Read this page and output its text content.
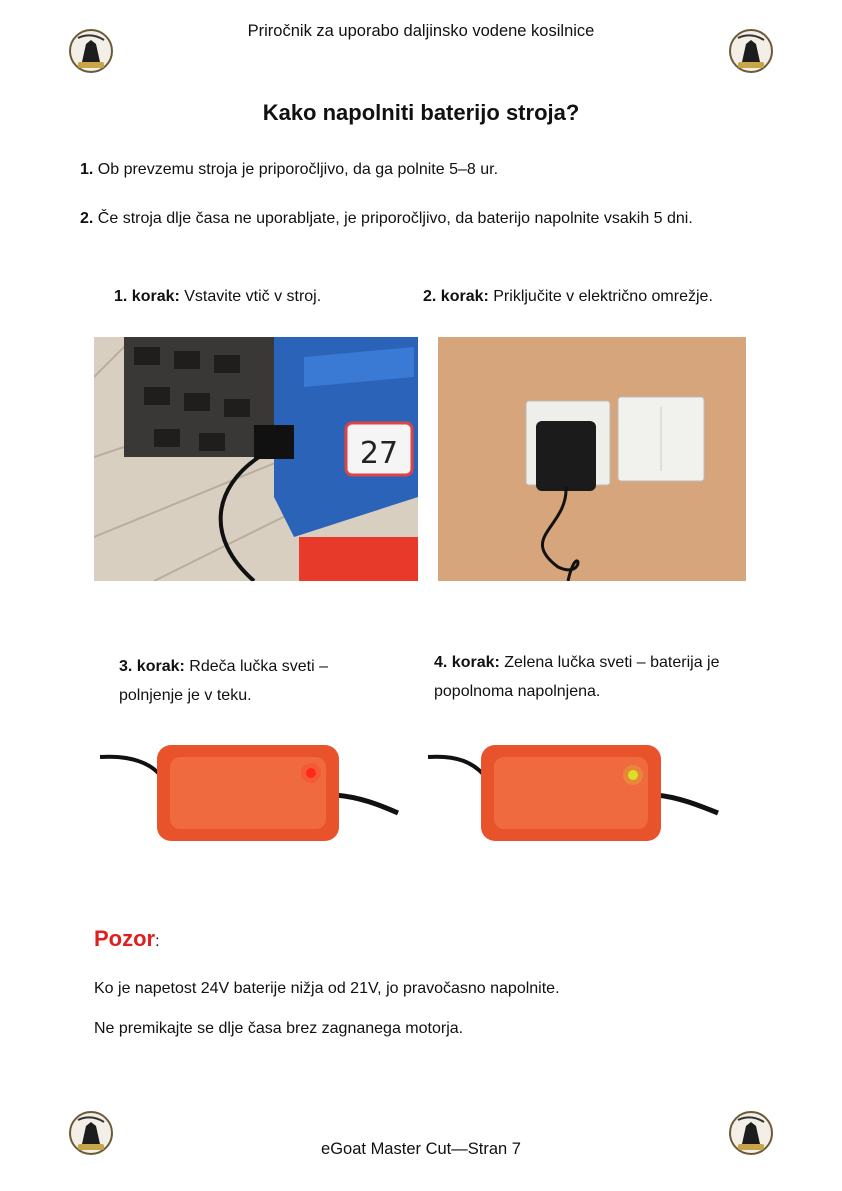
Priročnik za uporabo daljinsko vodene kosilnice
Kako napolniti baterijo stroja?
1. Ob prevzemu stroja je priporočljivo, da ga polnite 5–8 ur.
2. Če stroja dlje časa ne uporabljate, je priporočljivo, da baterijo napolnite vsakih 5 dni.
1. korak: Vstavite vtič v stroj.	2. korak: Priključite v električno omrežje.
27
3. korak: Rdeča lučka sveti – polnjenje je v teku.
4. korak: Zelena lučka sveti – baterija je popolnoma napolnjena.
Pozor:
Ko je napetost 24V baterije nižja od 21V, jo pravočasno napolnite.
Ne premikajte se dlje časa brez zagnanega motorja.
eGoat Master Cut—Stran 7
